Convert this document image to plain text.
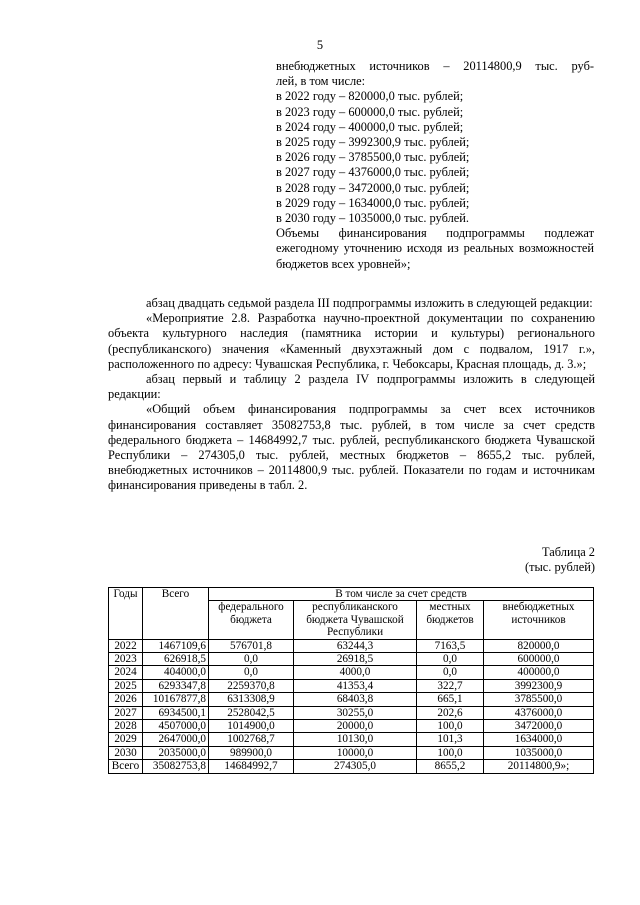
5
внебюджетных источников – 20114800,9 тыс. руб-
лей, в том числе:
в 2022 году – 820000,0 тыс. рублей;
в 2023 году – 600000,0 тыс. рублей;
в 2024 году – 400000,0 тыс. рублей;
в 2025 году – 3992300,9 тыс. рублей;
в 2026 году – 3785500,0 тыс. рублей;
в 2027 году – 4376000,0 тыс. рублей;
в 2028 году – 3472000,0 тыс. рублей;
в 2029 году – 1634000,0 тыс. рублей;
в 2030 году – 1035000,0 тыс. рублей.
Объемы финансирования подпрограммы подлежат ежегодному уточнению исходя из реальных возможностей бюджетов всех уровней»;

абзац двадцать седьмой раздела III подпрограммы изложить в следующей редакции:

«Мероприятие 2.8. Разработка научно-проектной документации по сохранению объекта культурного наследия (памятника истории и культуры) регионального (республиканского) значения «Каменный двухэтажный дом с подвалом, 1917 г.», расположенного по адресу: Чувашская Республика, г. Чебоксары, Красная площадь, д. 3.»;

абзац первый и таблицу 2 раздела IV подпрограммы изложить в следующей редакции:

«Общий объем финансирования подпрограммы за счет всех источников финансирования составляет 35082753,8 тыс. рублей, в том числе за счет средств федерального бюджета – 14684992,7 тыс. рублей, республиканского бюджета Чувашской Республики – 274305,0 тыс. рублей, местных бюджетов – 8655,2 тыс. рублей, внебюджетных источников – 20114800,9 тыс. рублей. Показатели по годам и источникам финансирования приведены в табл. 2.

Таблица 2
(тыс. рублей)
Годы	Всего	В том числе за счет средств			
		федерального бюджета	республиканского бюджета Чувашской Республики	местных бюджетов	внебюджетных источников
2022	1467109,6	576701,8	63244,3	7163,5	820000,0
2023	626918,5	0,0	26918,5	0,0	600000,0
2024	404000,0	0,0	4000,0	0,0	400000,0
2025	6293347,8	2259370,8	41353,4	322,7	3992300,9
2026	10167877,8	6313308,9	68403,8	665,1	3785500,0
2027	6934500,1	2528042,5	30255,0	202,6	4376000,0
2028	4507000,0	1014900,0	20000,0	100,0	3472000,0
2029	2647000,0	1002768,7	10130,0	101,3	1634000,0
2030	2035000,0	989900,0	10000,0	100,0	1035000,0
Всего	35082753,8	14684992,7	274305,0	8655,2	20114800,9»;
